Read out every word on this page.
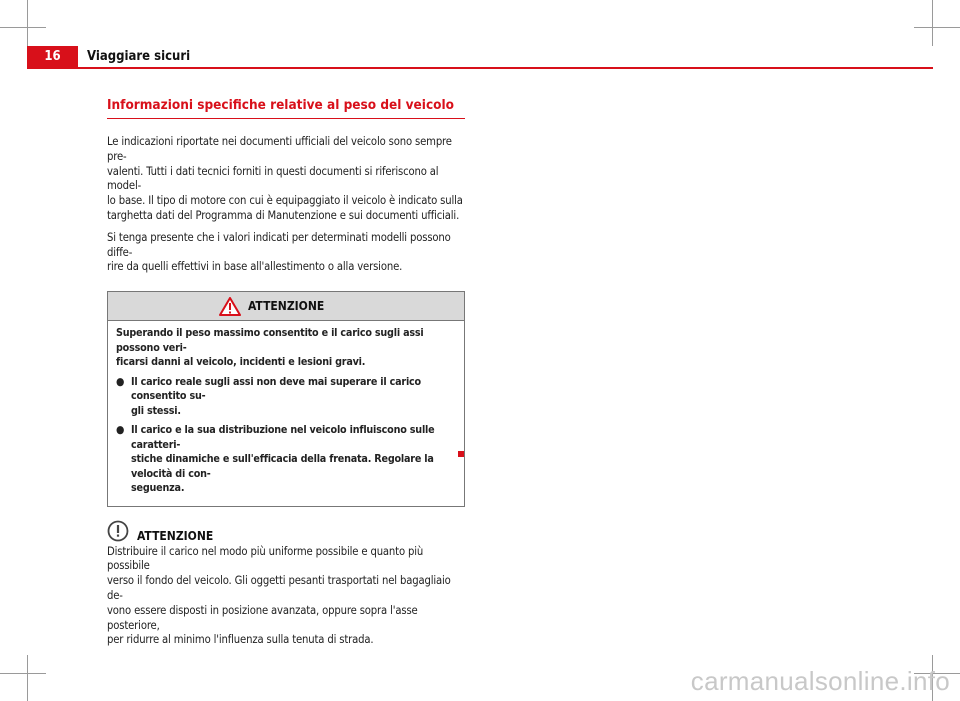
16	Viaggiare sicuri
Informazioni specifiche relative al peso del veicolo

Le indicazioni riportate nei documenti ufficiali del veicolo sono sempre pre-
valenti. Tutti i dati tecnici forniti in questi documenti si riferiscono al model-
lo base. Il tipo di motore con cui è equipaggiato il veicolo è indicato sulla
targhetta dati del Programma di Manutenzione e sui documenti ufficiali.

Si tenga presente che i valori indicati per determinati modelli possono diffe-
rire da quelli effettivi in base all'allestimento o alla versione.

ATTENZIONE

Superando il peso massimo consentito e il carico sugli assi possono veri-
ficarsi danni al veicolo, incidenti e lesioni gravi.

● Il carico reale sugli assi non deve mai superare il carico consentito su-
gli stessi.

● Il carico e la sua distribuzione nel veicolo influiscono sulle caratteri-
stiche dinamiche e sull'efficacia della frenata. Regolare la velocità di con-
seguenza.

ATTENZIONE
Distribuire il carico nel modo più uniforme possibile e quanto più possibile
verso il fondo del veicolo. Gli oggetti pesanti trasportati nel bagagliaio de-
vono essere disposti in posizione avanzata, oppure sopra l'asse posteriore,
per ridurre al minimo l'influenza sulla tenuta di strada.
carmanualsonline.info
